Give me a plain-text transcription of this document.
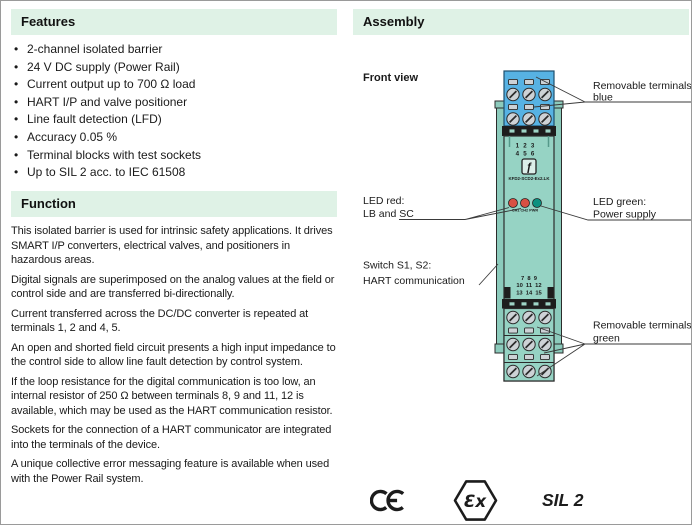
Features
• 2-channel isolated barrier
• 24 V DC supply (Power Rail)
• Current output up to 700 Ω load
• HART I/P and valve positioner
• Line fault detection (LFD)
• Accuracy 0.05 %
• Terminal blocks with test sockets
• Up to SIL 2 acc. to IEC 61508
Function

This isolated barrier is used for intrinsic safety applications. It drives SMART I/P converters, electrical valves, and positioners in hazardous areas.

Digital signals are superimposed on the analog values at the field or control side and are transferred bi-directionally.

Current transferred across the DC/DC converter is repeated at terminals 1, 2 and 4, 5.

An open and shorted field circuit presents a high input impedance to the control side to allow line fault detection by control system.

If the loop resistance for the digital communication is too low, an internal resistor of 250 Ω between terminals 8, 9 and 11, 12 is available, which may be used as the HART communication resistor.

Sockets for the connection of a HART communicator are integrated into the terminals of the device.

A unique collective error messaging feature is available when used with the Power Rail system.

Assembly
Front view
1 2 3
4 5 6
ƒ
KFD2-SCD2-Ex2.LK
CH1 CH2 PWR
7 8 9
10 11 12
13 14 15
Removable terminals
blue
LED red:
LB and SC
LED green:
Power supply
Switch S1, S2:
HART communication
Removable terminals
green
Ɛx	SIL 2
